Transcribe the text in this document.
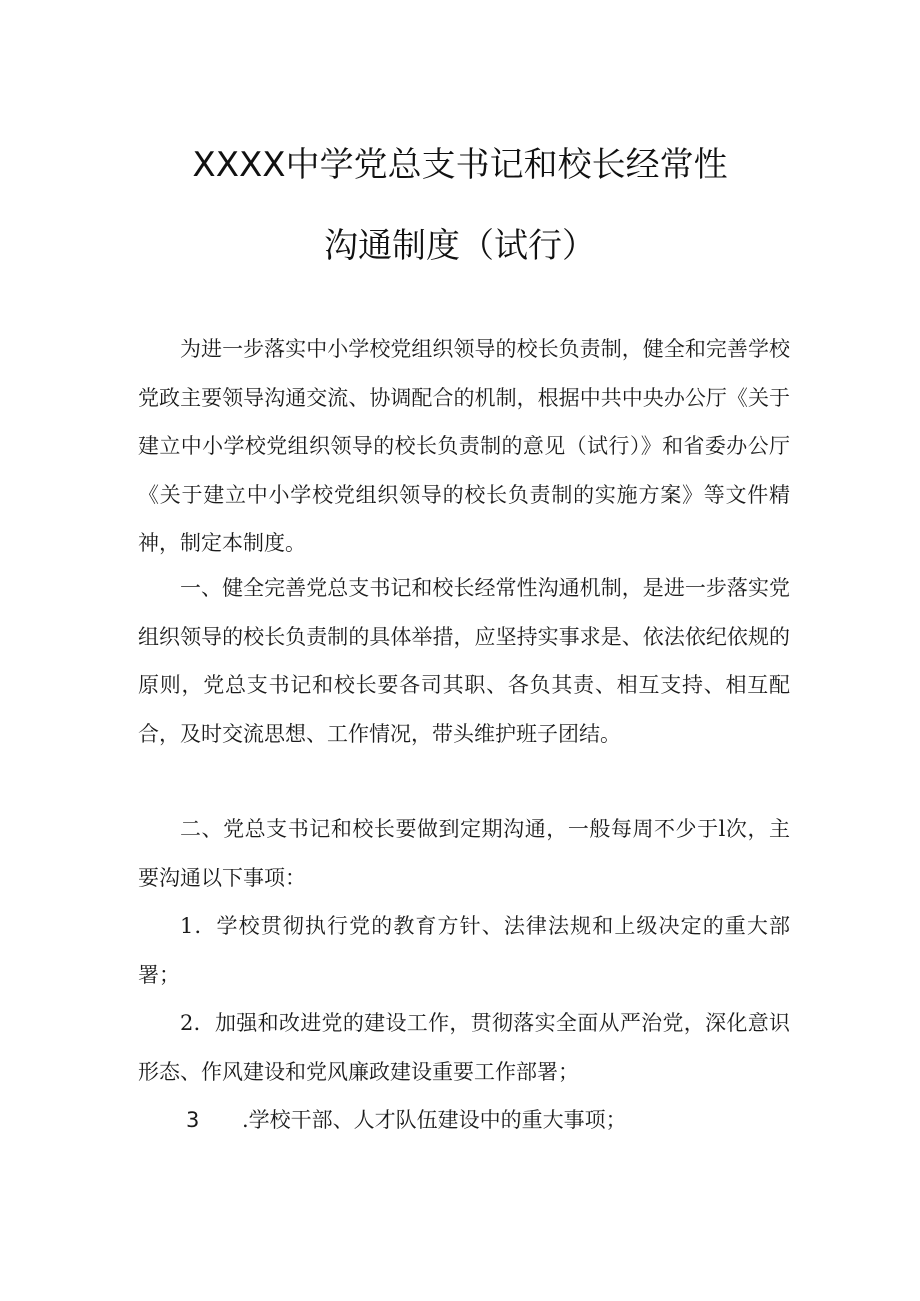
XXXX中学党总支书记和校长经常性
沟通制度（试行）

为进一步落实中小学校党组织领导的校长负责制，健全和完善学校党政主要领导沟通交流、协调配合的机制，根据中共中央办公厅《关于建立中小学校党组织领导的校长负责制的意见（试行）》和省委办公厅《关于建立中小学校党组织领导的校长负责制的实施方案》等文件精神，制定本制度。

一、健全完善党总支书记和校长经常性沟通机制，是进一步落实党组织领导的校长负责制的具体举措，应坚持实事求是、依法依纪依规的原则，党总支书记和校长要各司其职、各负其责、相互支持、相互配合，及时交流思想、工作情况，带头维护班子团结。

二、党总支书记和校长要做到定期沟通，一般每周不少于l次，主要沟通以下事项：

1．学校贯彻执行党的教育方针、法律法规和上级决定的重大部署；

2．加强和改进党的建设工作，贯彻落实全面从严治党，深化意识形态、作风建设和党风廉政建设重要工作部署；

3 .学校干部、人才队伍建设中的重大事项；
